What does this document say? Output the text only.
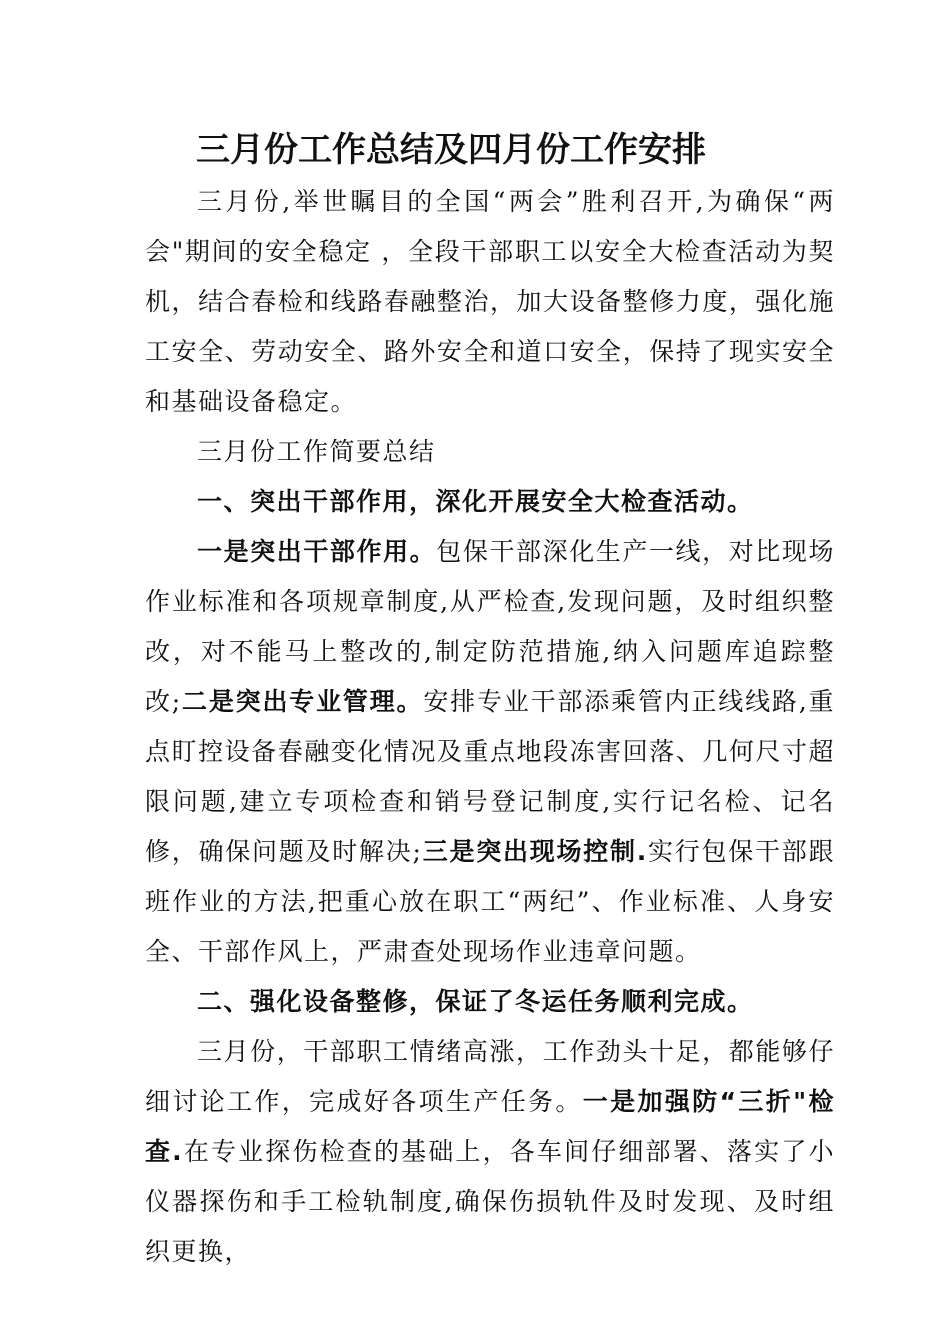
三月份工作总结及四月份工作安排

三月份,举世瞩目的全国“两会”胜利召开,为确保“两会"期间的安全稳定 ，全段干部职工以安全大检查活动为契机，结合春检和线路春融整治，加大设备整修力度，强化施工安全、劳动安全、路外安全和道口安全，保持了现实安全和基础设备稳定。

三月份工作简要总结

一、突出干部作用，深化开展安全大检查活动。

一是突出干部作用。包保干部深化生产一线，对比现场作业标准和各项规章制度,从严检查,发现问题，及时组织整改，对不能马上整改的,制定防范措施,纳入问题库追踪整改;二是突出专业管理。安排专业干部添乘管内正线线路,重点盯控设备春融变化情况及重点地段冻害回落、几何尺寸超限问题,建立专项检查和销号登记制度,实行记名检、记名修，确保问题及时解决;三是突出现场控制.实行包保干部跟班作业的方法,把重心放在职工“两纪”、作业标准、人身安全、干部作风上，严肃查处现场作业违章问题。

二、强化设备整修，保证了冬运任务顺利完成。

三月份，干部职工情绪高涨，工作劲头十足，都能够仔细讨论工作，完成好各项生产任务。一是加强防“三折"检查.在专业探伤检查的基础上，各车间仔细部署、落实了小仪器探伤和手工检轨制度,确保伤损轨件及时发现、及时组织更换，
